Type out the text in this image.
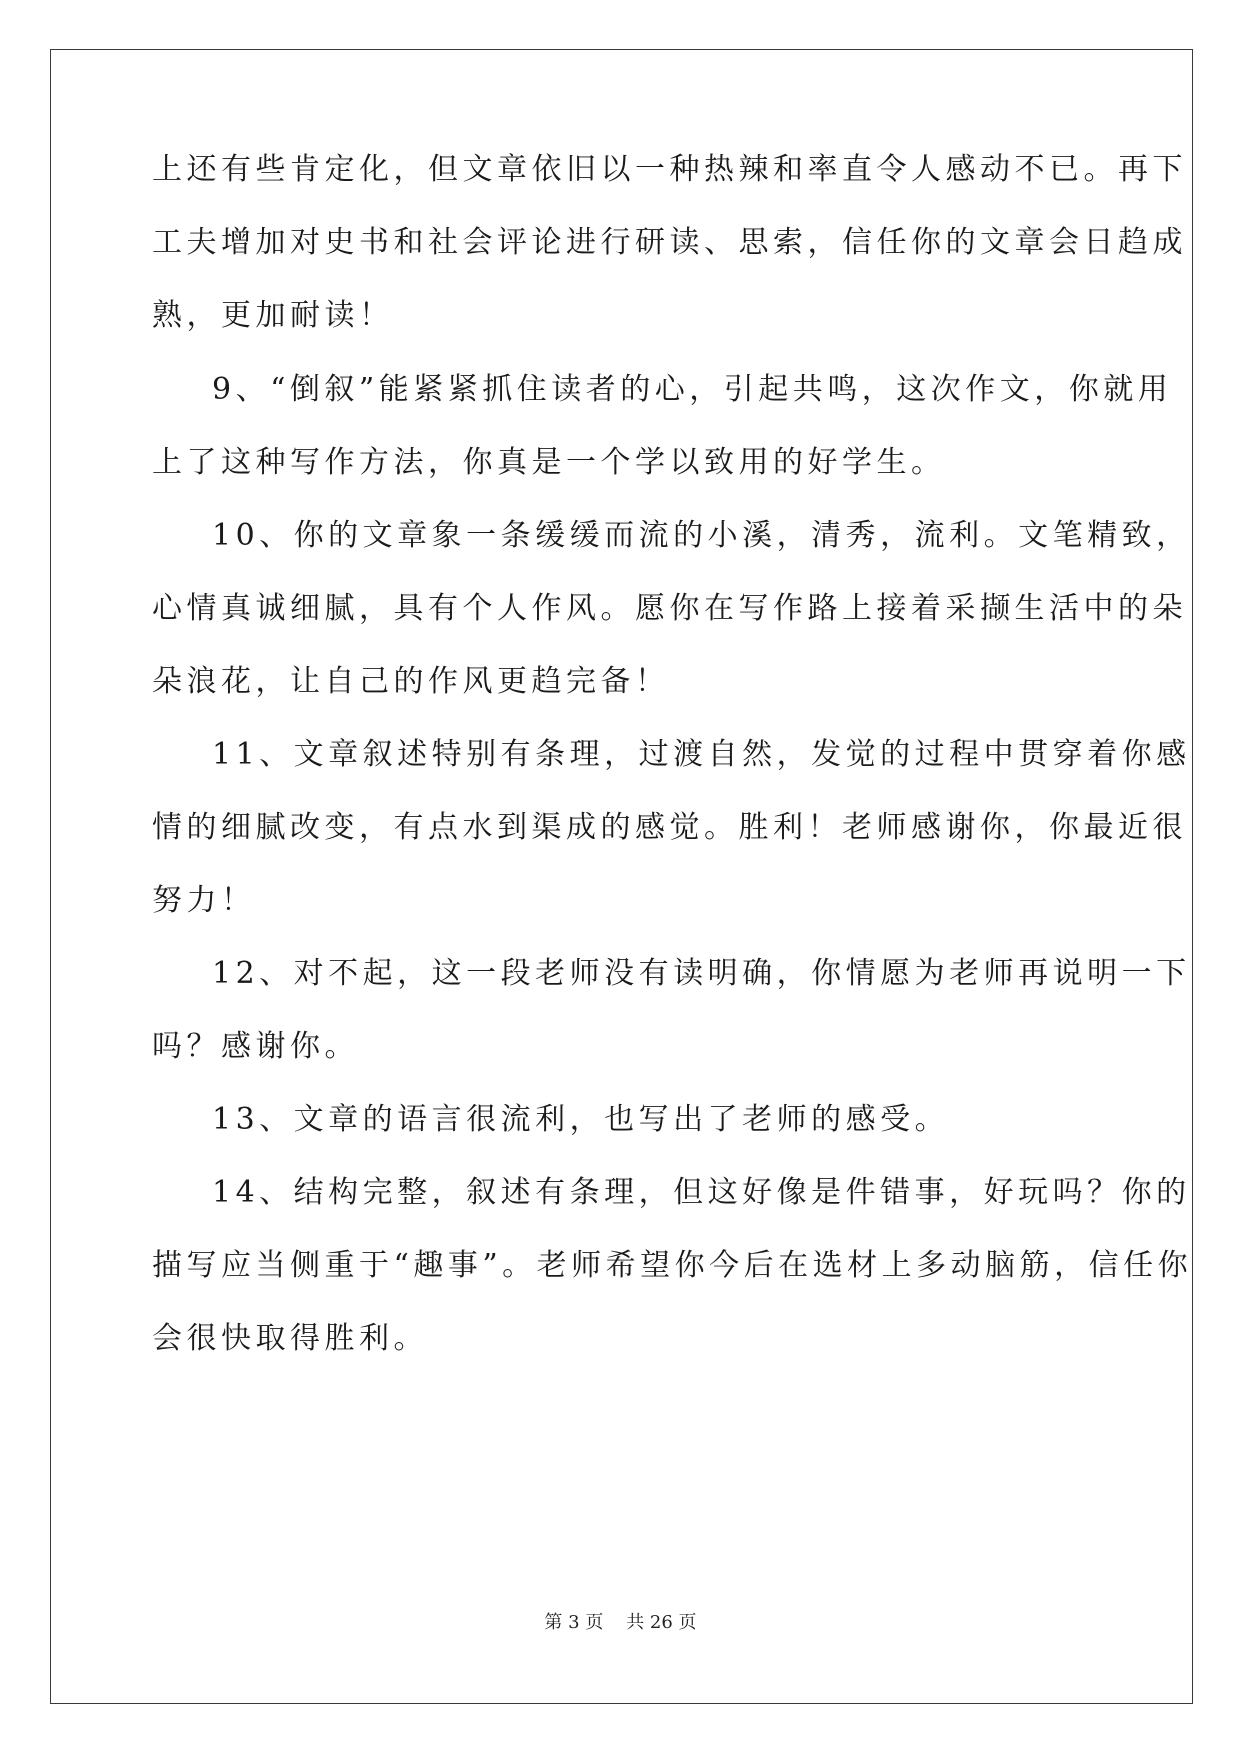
上还有些肯定化，但文章依旧以一种热辣和率直令人感动不已。再下
工夫增加对史书和社会评论进行研读、思索，信任你的文章会日趋成
熟，更加耐读！
9、“倒叙”能紧紧抓住读者的心，引起共鸣，这次作文，你就用
上了这种写作方法，你真是一个学以致用的好学生。
10、你的文章象一条缓缓而流的小溪，清秀，流利。文笔精致，
心情真诚细腻，具有个人作风。愿你在写作路上接着采撷生活中的朵
朵浪花，让自己的作风更趋完备！
11、文章叙述特别有条理，过渡自然，发觉的过程中贯穿着你感
情的细腻改变，有点水到渠成的感觉。胜利！老师感谢你，你最近很
努力！
12、对不起，这一段老师没有读明确，你情愿为老师再说明一下
吗？感谢你。
13、文章的语言很流利，也写出了老师的感受。
14、结构完整，叙述有条理，但这好像是件错事，好玩吗？你的
描写应当侧重于“趣事”。老师希望你今后在选材上多动脑筋，信任你
会很快取得胜利。
第 3 页    共 26 页
